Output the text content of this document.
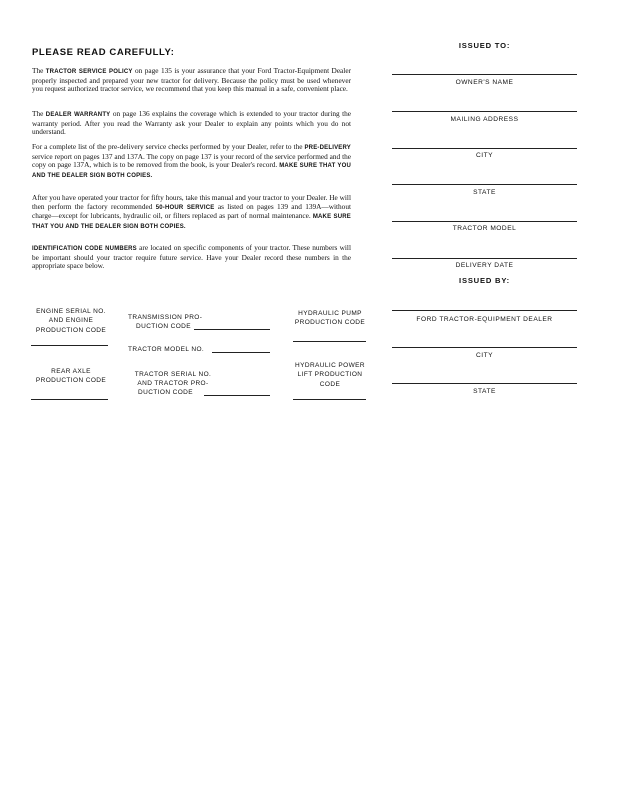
PLEASE READ CAREFULLY:
The TRACTOR SERVICE POLICY on page 135 is your assurance that your Ford Tractor-Equipment Dealer properly inspected and prepared your new tractor for delivery. Because the policy must be used whenever you request authorized tractor service, we recommend that you keep this manual in a safe, convenient place.
The DEALER WARRANTY on page 136 explains the coverage which is extended to your tractor during the warranty period. After you read the Warranty ask your Dealer to explain any points which you do not understand.
For a complete list of the pre-delivery service checks performed by your Dealer, refer to the PRE-DELIVERY service report on pages 137 and 137A. The copy on page 137 is your record of the service performed and the copy on page 137A, which is to be removed from the book, is your Dealer's record. MAKE SURE THAT YOU AND THE DEALER SIGN BOTH COPIES.
After you have operated your tractor for fifty hours, take this manual and your tractor to your Dealer. He will then perform the factory recommended 50-HOUR SERVICE as listed on pages 139 and 139A—without charge—except for lubricants, hydraulic oil, or filters replaced as part of normal maintenance. MAKE SURE THAT YOU AND THE DEALER SIGN BOTH COPIES.
IDENTIFICATION CODE NUMBERS are located on specific components of your tractor. These numbers will be important should your tractor require future service. Have your Dealer record these numbers in the appropriate space below.
ISSUED TO:
OWNER'S NAME
MAILING ADDRESS
CITY
STATE
TRACTOR MODEL
DELIVERY DATE
ISSUED BY:
FORD TRACTOR-EQUIPMENT DEALER
CITY
STATE
ENGINE SERIAL NO.
AND ENGINE
PRODUCTION CODE
REAR AXLE
PRODUCTION CODE
TRANSMISSION PRO-
DUCTION CODE
TRACTOR MODEL NO.
TRACTOR SERIAL NO.
AND TRACTOR PRO-
DUCTION CODE
HYDRAULIC PUMP
PRODUCTION CODE
HYDRAULIC POWER
LIFT PRODUCTION
CODE
